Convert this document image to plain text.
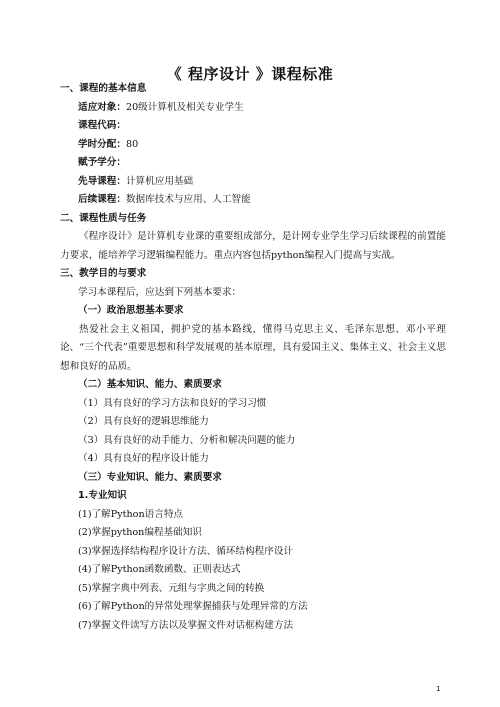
《 程序设计 》课程标准
一、课程的基本信息
适应对象：20级计算机及相关专业学生
课程代码：
学时分配：80
赋予学分：
先导课程：计算机应用基础
后续课程：数据库技术与应用、人工智能
二、课程性质与任务
《程序设计》是计算机专业课的重要组成部分，是计网专业学生学习后续课程的前置能力要求，能培养学习逻辑编程能力。重点内容包括python编程入门提高与实战。
三、教学目的与要求
学习本课程后，应达到下列基本要求：
（一）政治思想基本要求
热爱社会主义祖国，拥护党的基本路线，懂得马克思主义、毛泽东思想、邓小平理论、“三个代表”重要思想和科学发展观的基本原理，具有爱国主义、集体主义、社会主义思想和良好的品质。
（二）基本知识、能力、素质要求
（1）具有良好的学习方法和良好的学习习惯
（2）具有良好的逻辑思维能力
（3）具有良好的动手能力、分析和解决问题的能力
（4）具有良好的程序设计能力
（三）专业知识、能力、素质要求
1.专业知识
(1)了解Python语言特点
(2)掌握python编程基础知识
(3)掌握选择结构程序设计方法、循环结构程序设计
(4)了解Python函数函数、正则表达式
(5)掌握字典中列表、元组与字典之间的转换
(6)了解Python的异常处理掌握捕获与处理异常的方法
(7)掌握文件读写方法以及掌握文件对话框构建方法
1
